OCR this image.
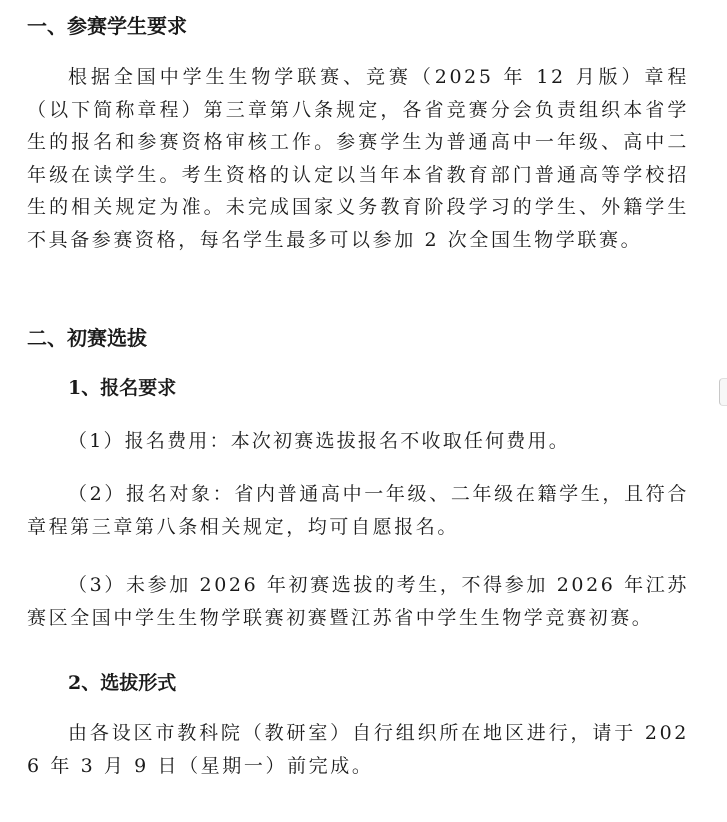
一、参赛学生要求
根据全国中学生生物学联赛、竞赛（2025 年 12 月版）章程（以下简称章程）第三章第八条规定，各省竞赛分会负责组织本省学生的报名和参赛资格审核工作。参赛学生为普通高中一年级、高中二年级在读学生。考生资格的认定以当年本省教育部门普通高等学校招生的相关规定为准。未完成国家义务教育阶段学习的学生、外籍学生不具备参赛资格，每名学生最多可以参加 2 次全国生物学联赛。
二、初赛选拔
1、报名要求
（1）报名费用：本次初赛选拔报名不收取任何费用。
（2）报名对象：省内普通高中一年级、二年级在籍学生，且符合章程第三章第八条相关规定，均可自愿报名。
（3）未参加 2026 年初赛选拔的考生，不得参加 2026 年江苏赛区全国中学生生物学联赛初赛暨江苏省中学生生物学竞赛初赛。
2、选拔形式
由各设区市教科院（教研室）自行组织所在地区进行，请于 2026 年 3 月 9 日（星期一）前完成。
